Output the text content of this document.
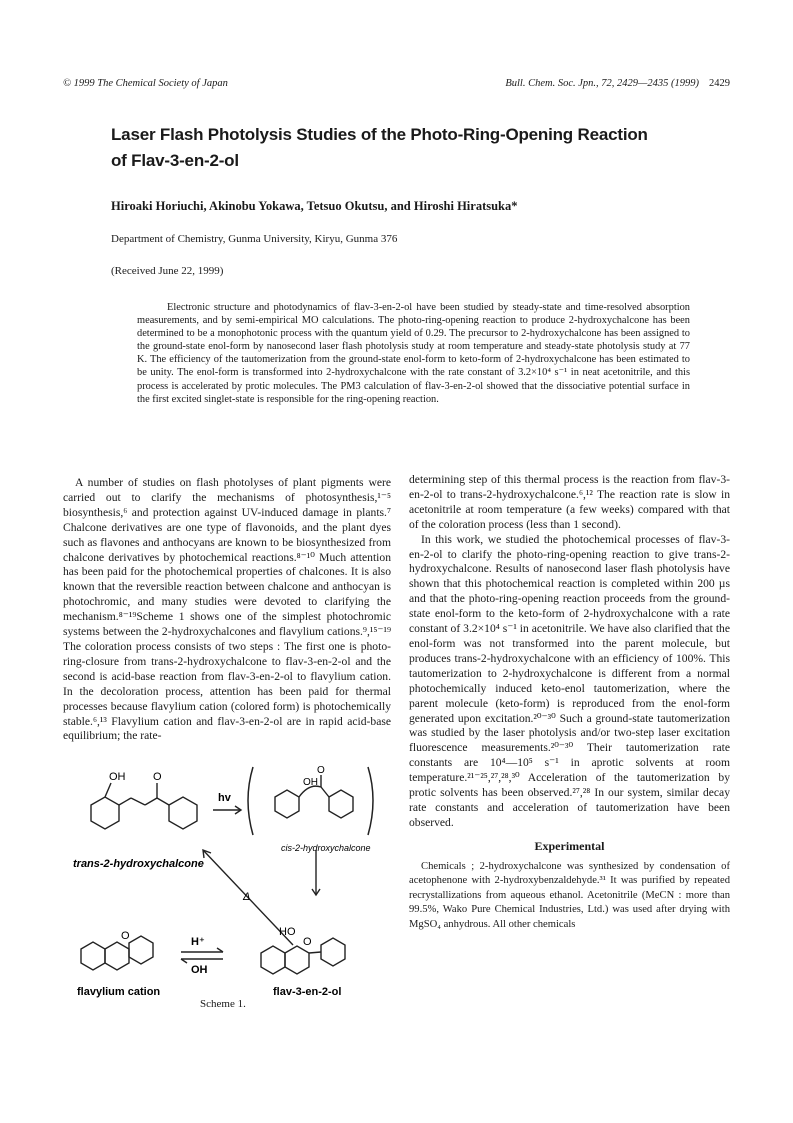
© 1999 The Chemical Society of Japan	Bull. Chem. Soc. Jpn., 72, 2429—2435 (1999) 2429
Laser Flash Photolysis Studies of the Photo-Ring-Opening Reaction
of Flav-3-en-2-ol
Hiroaki Horiuchi, Akinobu Yokawa, Tetsuo Okutsu, and Hiroshi Hiratsuka*
Department of Chemistry, Gunma University, Kiryu, Gunma 376
(Received June 22, 1999)
Electronic structure and photodynamics of flav-3-en-2-ol have been studied by steady-state and time-resolved absorption measurements, and by semi-empirical MO calculations. The photo-ring-opening reaction to produce 2-hydroxychalcone has been determined to be a monophotonic process with the quantum yield of 0.29. The precursor to 2-hydroxychalcone has been assigned to the ground-state enol-form by nanosecond laser flash photolysis study at room temperature and steady-state photolysis study at 77 K. The efficiency of the tautomerization from the ground-state enol-form to keto-form of 2-hydroxychalcone has been estimated to be unity. The enol-form is transformed into 2-hydroxychalcone with the rate constant of 3.2×10⁴ s⁻¹ in neat acetonitrile, and this process is accelerated by protic molecules. The PM3 calculation of flav-3-en-2-ol showed that the dissociative potential surface in the first excited singlet-state is responsible for the ring-opening reaction.

A number of studies on flash photolyses of plant pigments were carried out to clarify the mechanisms of photosynthesis,¹⁻⁵ biosynthesis,⁶ and protection against UV-induced damage in plants.⁷ Chalcone derivatives are one type of flavonoids, and the plant dyes such as flavones and anthocyans are known to be biosynthesized from chalcone derivatives by photochemical reactions.⁸⁻¹⁰ Much attention has been paid for the photochemical properties of chalcones. It is also known that the reversible reaction between chalcone and anthocyan is photochromic, and many studies were devoted to clarifying the mechanism.⁸⁻¹⁹Scheme 1 shows one of the simplest photochromic systems between the 2-hydroxychalcones and flavylium cations.⁹,¹⁵⁻¹⁹ The coloration process consists of two steps : The first one is photo-ring-closure from trans-2-hydroxychalcone to flav-3-en-2-ol and the second is acid-base reaction from flav-3-en-2-ol to flavylium cation. In the decoloration process, attention has been paid for thermal processes because flavylium cation (colored form) is photochemically stable.⁶,¹³ Flavylium cation and flav-3-en-2-ol are in rapid acid-base equilibrium; the rate-

determining step of this thermal process is the reaction from flav-3-en-2-ol to trans-2-hydroxychalcone.⁶,¹² The reaction rate is slow in acetonitrile at room temperature (a few weeks) compared with that of the coloration process (less than 1 second).

In this work, we studied the photochemical processes of flav-3-en-2-ol to clarify the photo-ring-opening reaction to give trans-2-hydroxychalcone. Results of nanosecond laser flash photolysis have shown that this photochemical reaction is completed within 200 µs and that the photo-ring-opening reaction proceeds from the ground-state enol-form to the keto-form of 2-hydroxychalcone with a rate constant of 3.2×10⁴ s⁻¹ in acetonitrile. We have also clarified that the enol-form was not transformed into the parent molecule, but produces trans-2-hydroxychalcone with an efficiency of 100%. This tautomerization to 2-hydroxychalcone is different from a normal photochemically induced keto-enol tautomerization, where the parent molecule (keto-form) is reproduced from the enol-form generated upon excitation.²⁰⁻³⁰ Such a ground-state tautomerization was studied by the laser photolysis and/or two-step laser excitation fluorescence measurements.²⁰⁻³⁰ Their tautomerization rate constants are 10⁴—10⁵ s⁻¹ in aprotic solvents at room temperature.²¹⁻²⁵,²⁷,²⁸,³⁰ Acceleration of the tautomerization by protic solvents has been observed.²⁷,²⁸ In our system, similar decay rate constants and acceleration of tautomerization have been observed.

Experimental

Chemicals ; 2-hydroxychalcone was synthesized by condensation of acetophenone with 2-hydroxybenzaldehyde.³¹ It was purified by repeated recrystallizations from aqueous ethanol. Acetonitrile (MeCN : more than 99.5%, Wako Pure Chemical Industries, Ltd.) was used after drying with MgSO₄ anhydrous. All other chemicals

OH	O
hv
OH
O
trans-2-hydroxychalcone
cis-2-hydroxychalcone
Δ
H⁺
OH
O	HO
O
flavylium cation	flav-3-en-2-ol
Scheme 1.
